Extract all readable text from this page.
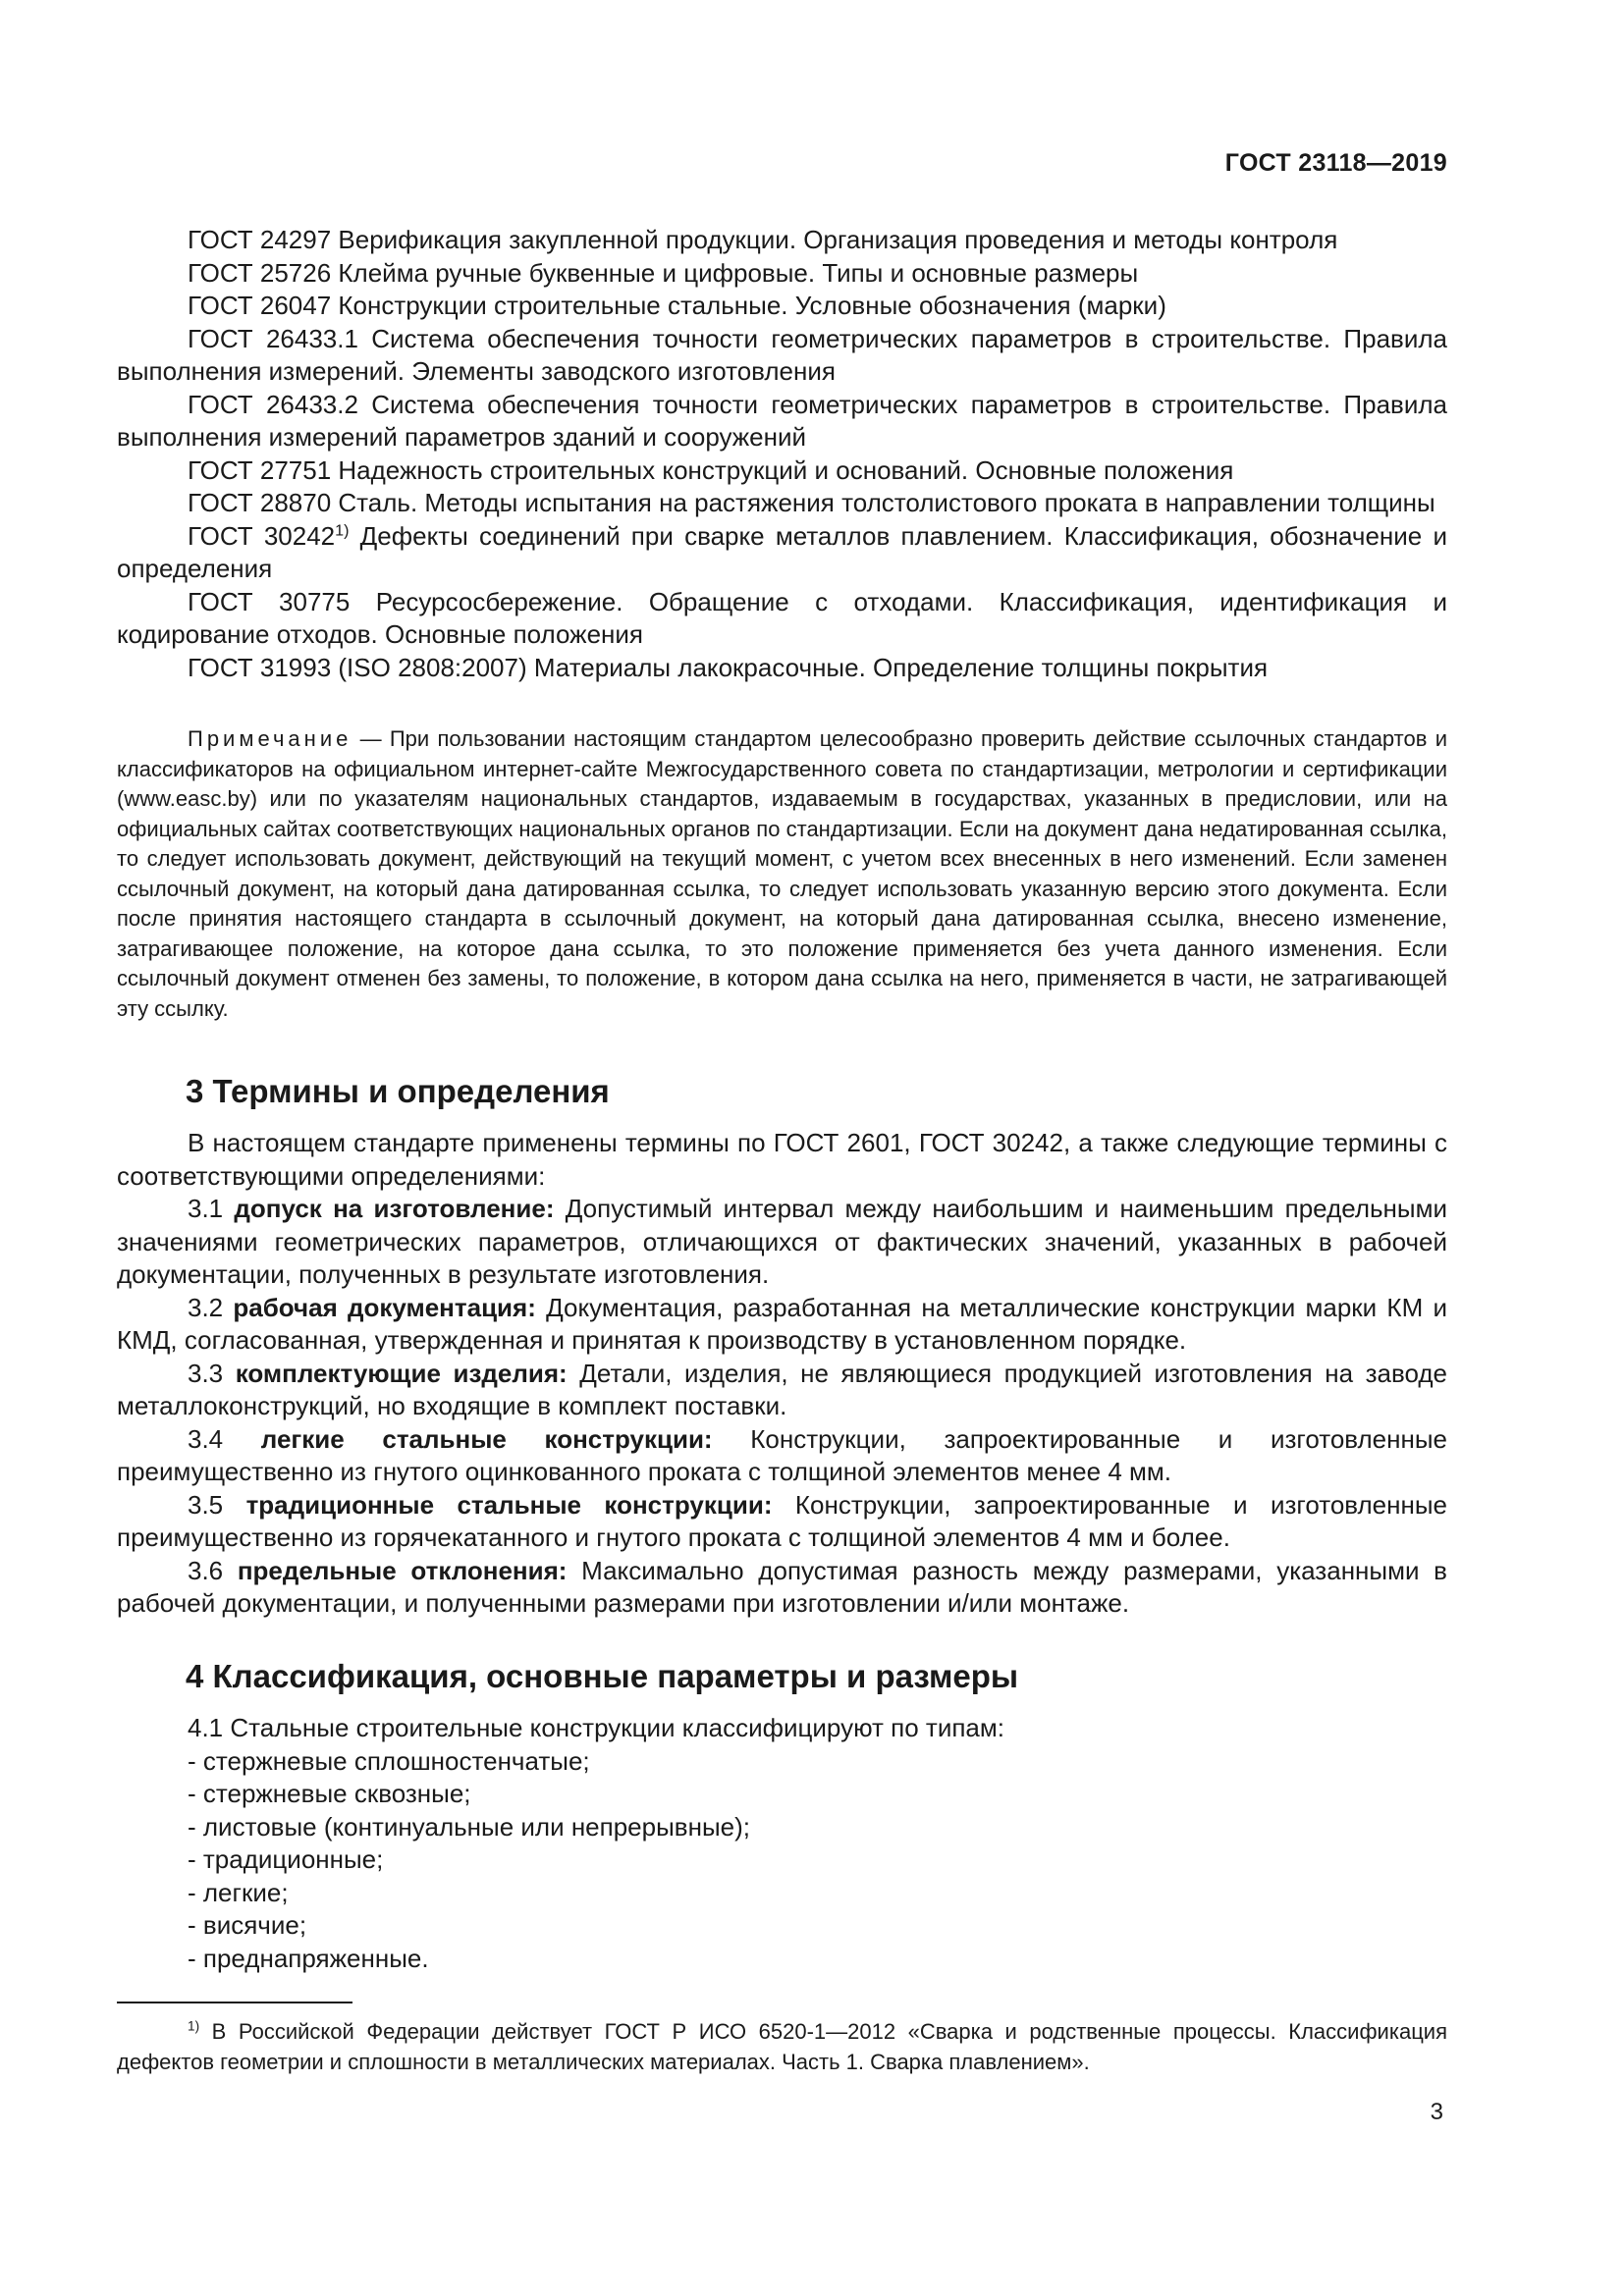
ГОСТ 23118—2019

ГОСТ 24297 Верификация закупленной продукции. Организация проведения и методы контроля

ГОСТ 25726 Клейма ручные буквенные и цифровые. Типы и основные размеры

ГОСТ 26047 Конструкции строительные стальные. Условные обозначения (марки)

ГОСТ 26433.1 Система обеспечения точности геометрических параметров в строительстве. Правила выполнения измерений. Элементы заводского изготовления

ГОСТ 26433.2 Система обеспечения точности геометрических параметров в строительстве. Правила выполнения измерений параметров зданий и сооружений

ГОСТ 27751 Надежность строительных конструкций и оснований. Основные положения

ГОСТ 28870 Сталь. Методы испытания на растяжения толстолистового проката в направлении толщины

ГОСТ 30242$^{1)}$ Дефекты соединений при сварке металлов плавлением. Классификация, обозначение и определения

ГОСТ 30775 Ресурсосбережение. Обращение с отходами. Классификация, идентификация и кодирование отходов. Основные положения

ГОСТ 31993 (ISO 2808:2007) Материалы лакокрасочные. Определение толщины покрытия

Примечание — При пользовании настоящим стандартом целесообразно проверить действие ссылочных стандартов и классификаторов на официальном интернет-сайте Межгосударственного совета по стандартизации, метрологии и сертификации (www.easc.by) или по указателям национальных стандартов, издаваемым в государствах, указанных в предисловии, или на официальных сайтах соответствующих национальных органов по стандартизации. Если на документ дана недатированная ссылка, то следует использовать документ, действующий на текущий момент, с учетом всех внесенных в него изменений. Если заменен ссылочный документ, на который дана датированная ссылка, то следует использовать указанную версию этого документа. Если после принятия настоящего стандарта в ссылочный документ, на который дана датированная ссылка, внесено изменение, затрагивающее положение, на которое дана ссылка, то это положение применяется без учета данного изменения. Если ссылочный документ отменен без замены, то положение, в котором дана ссылка на него, применяется в части, не затрагивающей эту ссылку.

3 Термины и определения

В настоящем стандарте применены термины по ГОСТ 2601, ГОСТ 30242, а также следующие термины с соответствующими определениями:

3.1 допуск на изготовление: Допустимый интервал между наибольшим и наименьшим предельными значениями геометрических параметров, отличающихся от фактических значений, указанных в рабочей документации, полученных в результате изготовления.

3.2 рабочая документация: Документация, разработанная на металлические конструкции марки КМ и КМД, согласованная, утвержденная и принятая к производству в установленном порядке.

3.3 комплектующие изделия: Детали, изделия, не являющиеся продукцией изготовления на заводе металлоконструкций, но входящие в комплект поставки.

3.4 легкие стальные конструкции: Конструкции, запроектированные и изготовленные преимущественно из гнутого оцинкованного проката с толщиной элементов менее 4 мм.

3.5 традиционные стальные конструкции: Конструкции, запроектированные и изготовленные преимущественно из горячекатанного и гнутого проката с толщиной элементов 4 мм и более.

3.6 предельные отклонения: Максимально допустимая разность между размерами, указанными в рабочей документации, и полученными размерами при изготовлении и/или монтаже.

4 Классификация, основные параметры и размеры

4.1 Стальные строительные конструкции классифицируют по типам:

- стержневые сплошностенчатые;
- стержневые сквозные;
- листовые (континуальные или непрерывные);
- традиционные;
- легкие;
- висячие;
- преднапряженные.

$^{1)}$ В Российской Федерации действует ГОСТ Р ИСО 6520-1—2012 «Сварка и родственные процессы. Классификация дефектов геометрии и сплошности в металлических материалах. Часть 1. Сварка плавлением».

3
